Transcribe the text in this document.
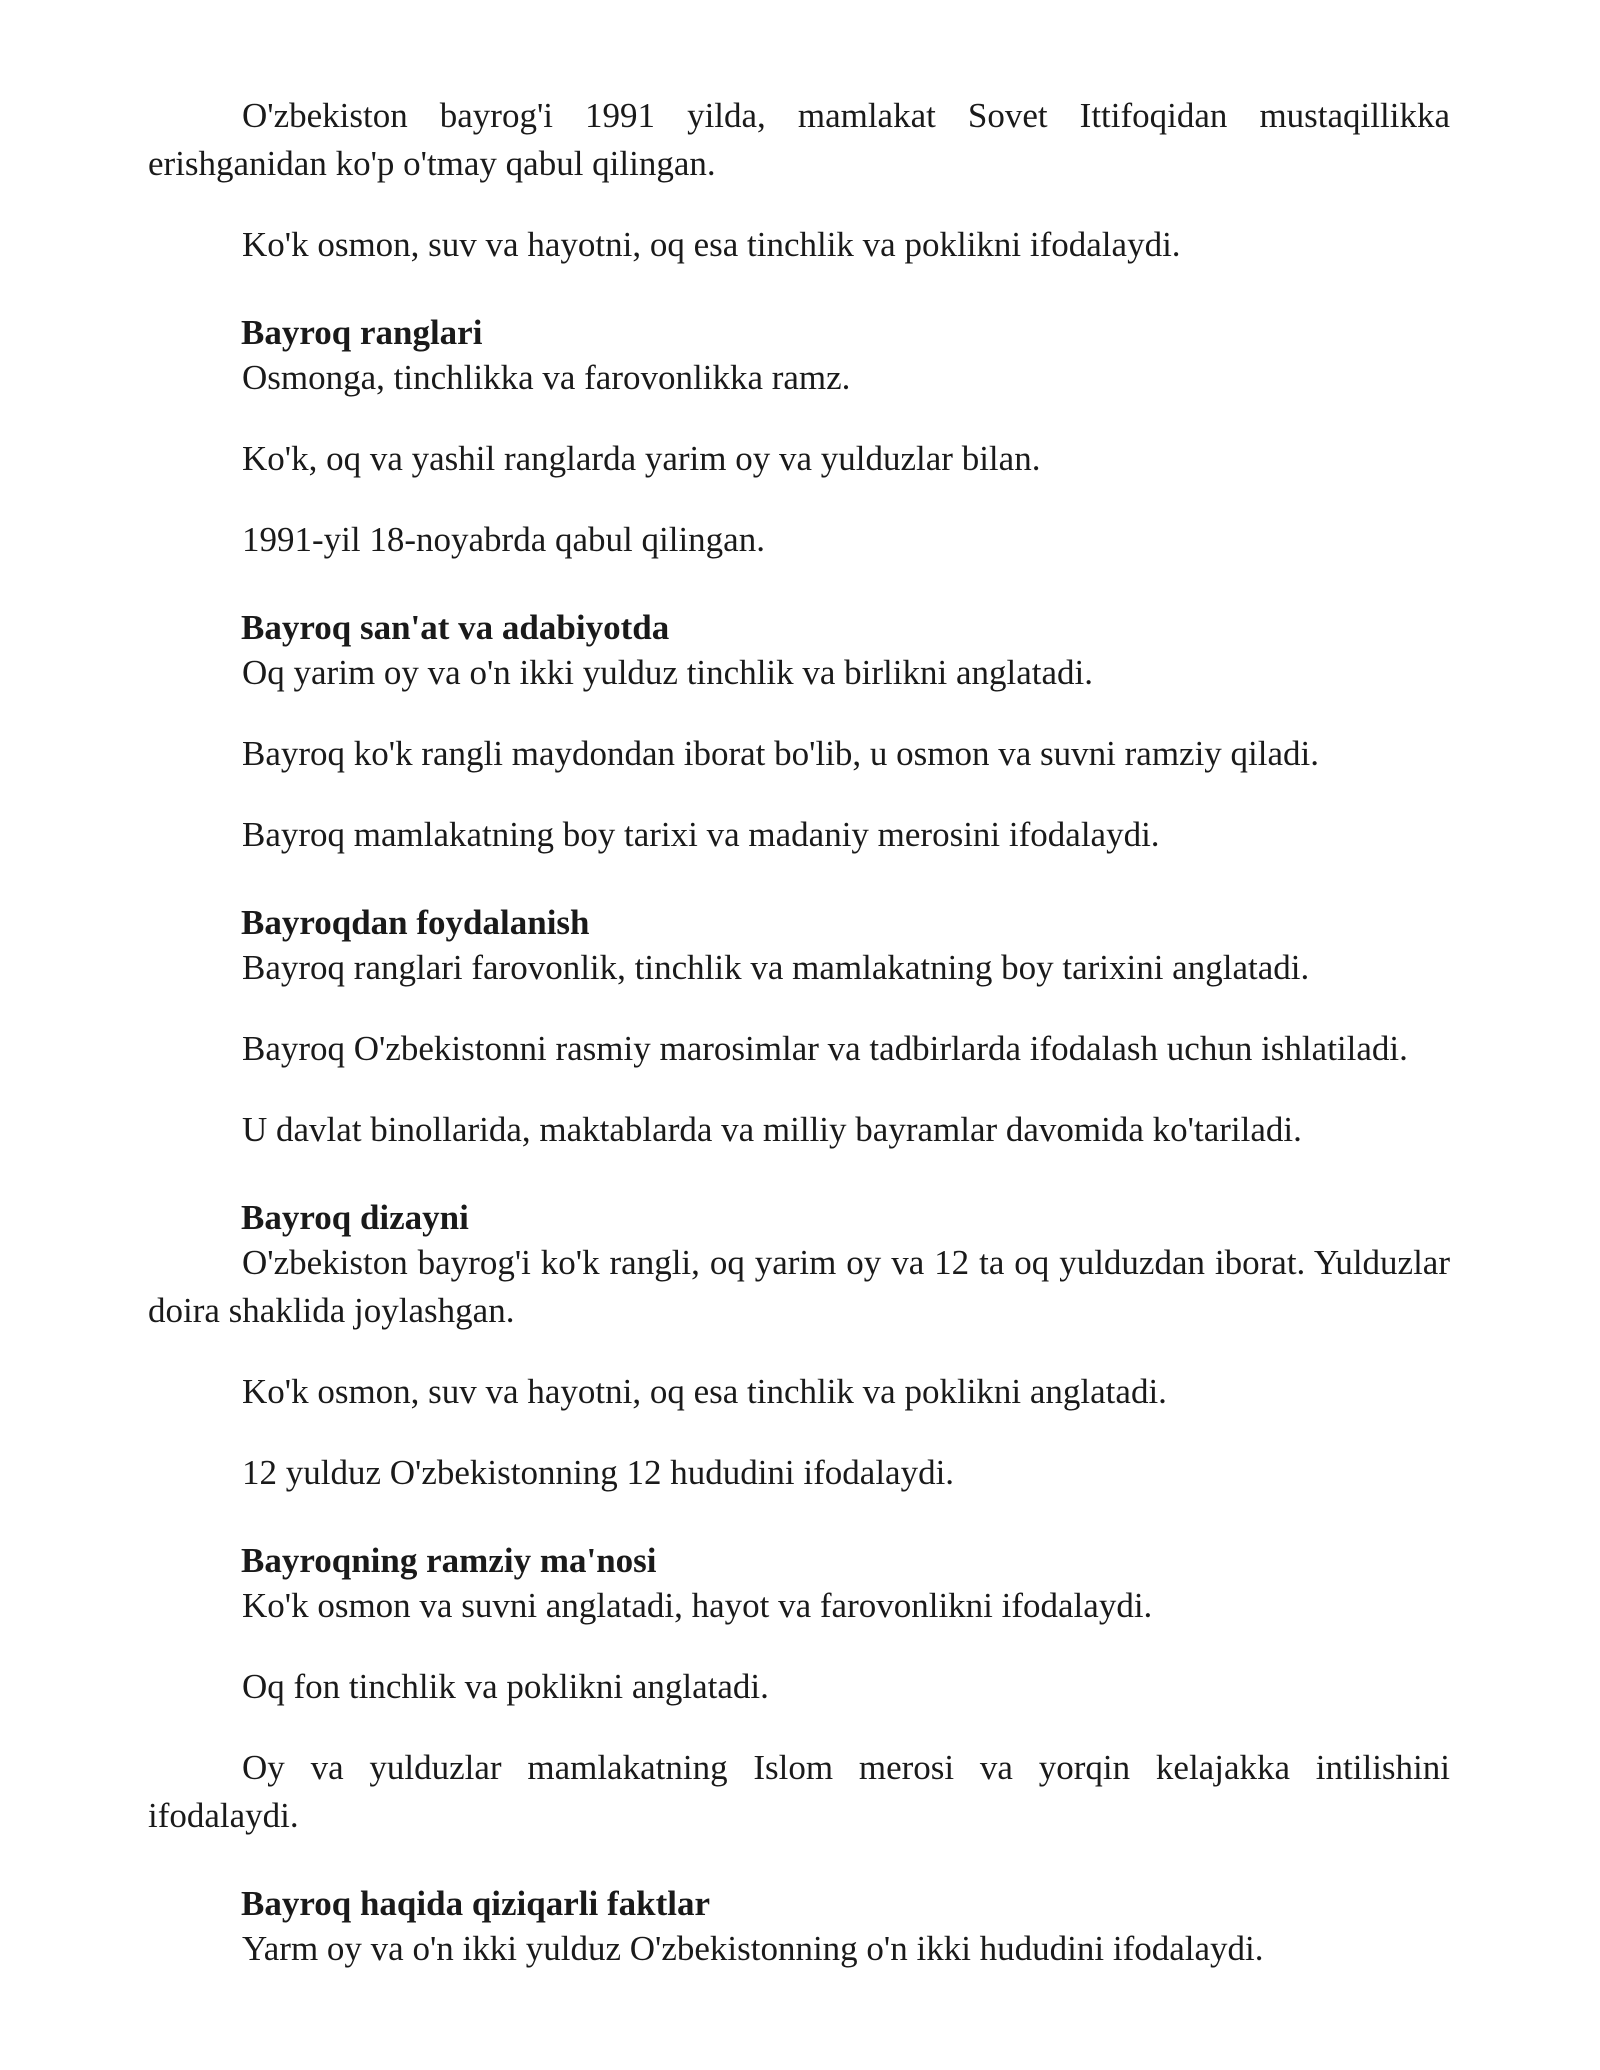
O'zbekiston bayrog'i 1991 yilda, mamlakat Sovet Ittifoqidan mustaqillikka erishganidan ko'p o'tmay qabul qilingan.

Ko'k osmon, suv va hayotni, oq esa tinchlik va poklikni ifodalaydi.

Bayroq ranglari

Osmonga, tinchlikka va farovonlikka ramz.

Ko'k, oq va yashil ranglarda yarim oy va yulduzlar bilan.

1991-yil 18-noyabrda qabul qilingan.

Bayroq san'at va adabiyotda

Oq yarim oy va o'n ikki yulduz tinchlik va birlikni anglatadi.

Bayroq ko'k rangli maydondan iborat bo'lib, u osmon va suvni ramziy qiladi.

Bayroq mamlakatning boy tarixi va madaniy merosini ifodalaydi.

Bayroqdan foydalanish

Bayroq ranglari farovonlik, tinchlik va mamlakatning boy tarixini anglatadi.

Bayroq O'zbekistonni rasmiy marosimlar va tadbirlarda ifodalash uchun ishlatiladi.

U davlat binollarida, maktablarda va milliy bayramlar davomida ko'tariladi.

Bayroq dizayni

O'zbekiston bayrog'i ko'k rangli, oq yarim oy va 12 ta oq yulduzdan iborat. Yulduzlar doira shaklida joylashgan.

Ko'k osmon, suv va hayotni, oq esa tinchlik va poklikni anglatadi.

12 yulduz O'zbekistonning 12 hududini ifodalaydi.

Bayroqning ramziy ma'nosi

Ko'k osmon va suvni anglatadi, hayot va farovonlikni ifodalaydi.

Oq fon tinchlik va poklikni anglatadi.

Oy va yulduzlar mamlakatning Islom merosi va yorqin kelajakka intilishini ifodalaydi.

Bayroq haqida qiziqarli faktlar

Yarm oy va o'n ikki yulduz O'zbekistonning o'n ikki hududini ifodalaydi.
